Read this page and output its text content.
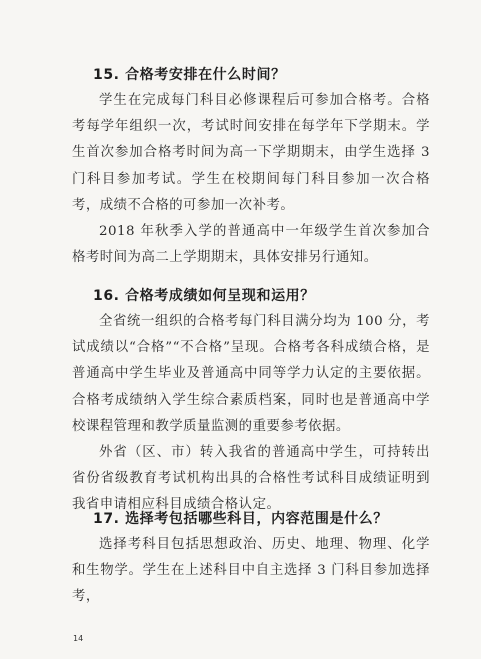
15. 合格考安排在什么时间？

学生在完成每门科目必修课程后可参加合格考。合格考每学年组织一次，考试时间安排在每学年下学期末。学生首次参加合格考时间为高一下学期期末，由学生选择 3 门科目参加考试。学生在校期间每门科目参加一次合格考，成绩不合格的可参加一次补考。

2018 年秋季入学的普通高中一年级学生首次参加合格考时间为高二上学期期末，具体安排另行通知。

16. 合格考成绩如何呈现和运用？

全省统一组织的合格考每门科目满分均为 100 分，考试成绩以“合格”“不合格”呈现。合格考各科成绩合格，是普通高中学生毕业及普通高中同等学力认定的主要依据。合格考成绩纳入学生综合素质档案，同时也是普通高中学校课程管理和教学质量监测的重要参考依据。

外省（区、市）转入我省的普通高中学生，可持转出省份省级教育考试机构出具的合格性考试科目成绩证明到我省申请相应科目成绩合格认定。

17. 选择考包括哪些科目，内容范围是什么？

选择考科目包括思想政治、历史、地理、物理、化学和生物学。学生在上述科目中自主选择 3 门科目参加选择考，

14
